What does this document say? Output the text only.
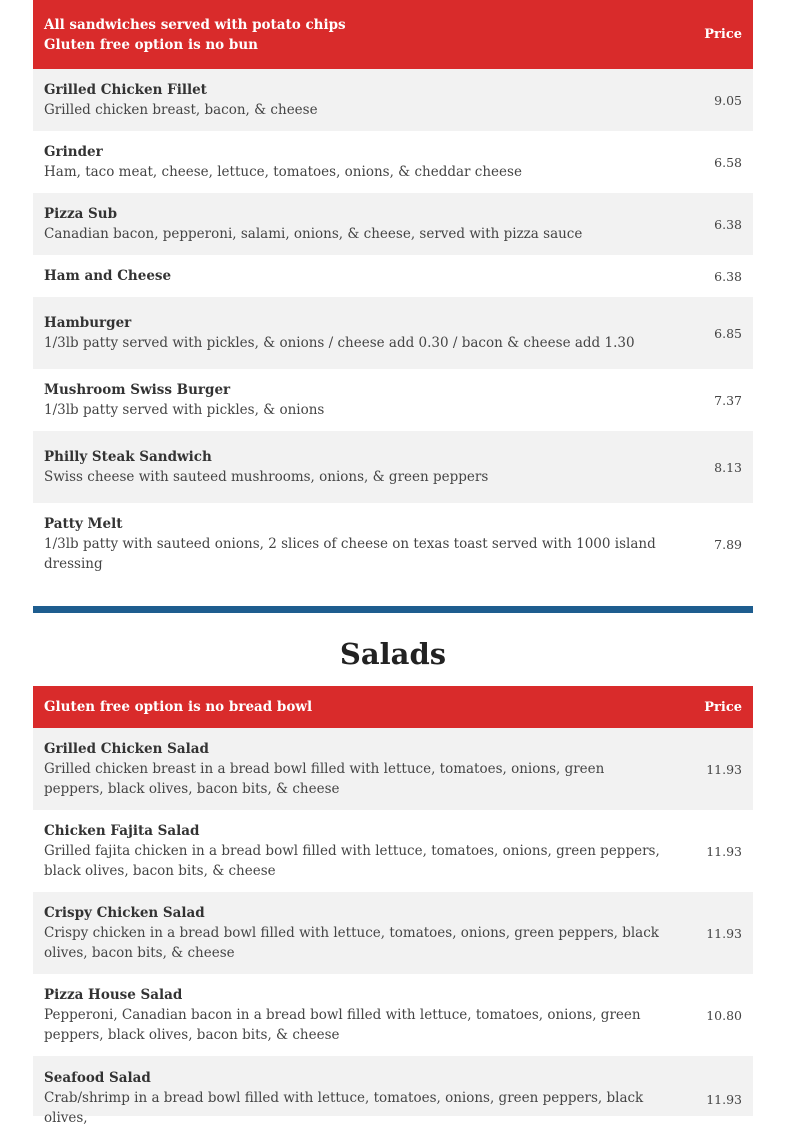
All sandwiches served with potato chips
Gluten free option is no bun
Price
Grilled Chicken Fillet
Grilled chicken breast, bacon, & cheese
9.05
Grinder
Ham, taco meat, cheese, lettuce, tomatoes, onions, & cheddar cheese
6.58
Pizza Sub
Canadian bacon, pepperoni, salami, onions, & cheese, served with pizza sauce
6.38
Ham and Cheese	6.38
Hamburger
1/3lb patty served with pickles, & onions / cheese add 0.30 / bacon & cheese add 1.30
6.85
Mushroom Swiss Burger
1/3lb patty served with pickles, & onions
7.37
Philly Steak Sandwich
Swiss cheese with sauteed mushrooms, onions, & green peppers
8.13
Patty Melt
1/3lb patty with sauteed onions, 2 slices of cheese on texas toast served with 1000 island dressing
7.89
Salads
Gluten free option is no bread bowl	Price
Grilled Chicken Salad
Grilled chicken breast in a bread bowl filled with lettuce, tomatoes, onions, green peppers, black olives, bacon bits, & cheese
11.93
Chicken Fajita Salad
Grilled fajita chicken in a bread bowl filled with lettuce, tomatoes, onions, green peppers, black olives, bacon bits, & cheese
11.93
Crispy Chicken Salad
Crispy chicken in a bread bowl filled with lettuce, tomatoes, onions, green peppers, black olives, bacon bits, & cheese
11.93
Pizza House Salad
Pepperoni, Canadian bacon in a bread bowl filled with lettuce, tomatoes, onions, green peppers, black olives, bacon bits, & cheese
10.80
Seafood Salad
Crab/shrimp in a bread bowl filled with lettuce, tomatoes, onions, green peppers, black olives,
11.93
